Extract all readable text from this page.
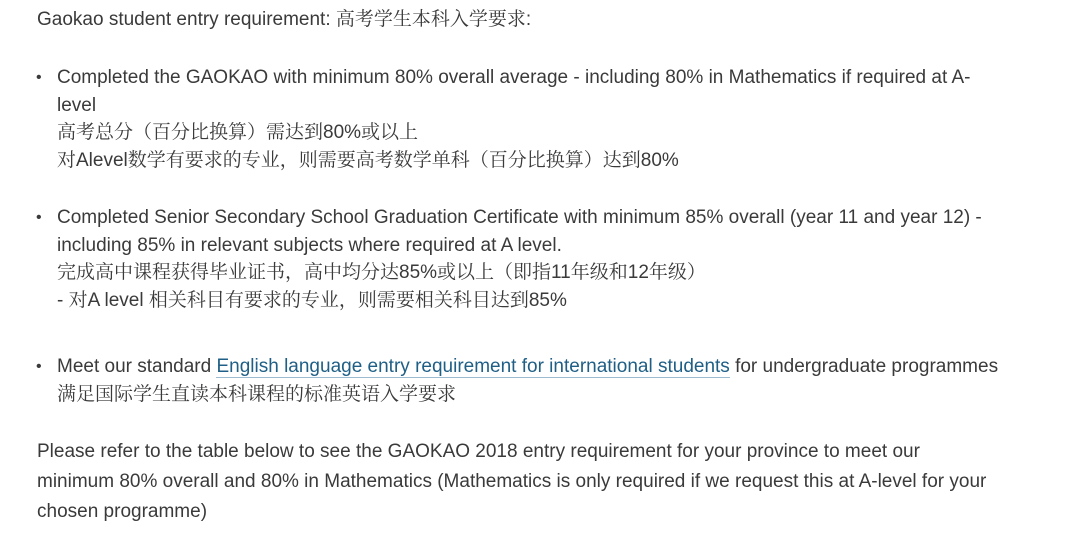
Gaokao student entry requirement: 高考学生本科入学要求:
• Completed the GAOKAO with minimum 80% overall average - including 80% in Mathematics if required at A-
level
高考总分（百分比换算）需达到80%或以上
对Alevel数学有要求的专业，则需要高考数学单科（百分比换算）达到80%
• Completed Senior Secondary School Graduation Certificate with minimum 85% overall (year 11 and year 12) -
including 85% in relevant subjects where required at A level.
完成高中课程获得毕业证书，高中均分达85%或以上（即指11年级和12年级）
- 对A level 相关科目有要求的专业，则需要相关科目达到85%
• Meet our standard English language entry requirement for international students for undergraduate programmes
满足国际学生直读本科课程的标准英语入学要求
Please refer to the table below to see the GAOKAO 2018 entry requirement for your province to meet our
minimum 80% overall and 80% in Mathematics (Mathematics is only required if we request this at A-level for your
chosen programme)
